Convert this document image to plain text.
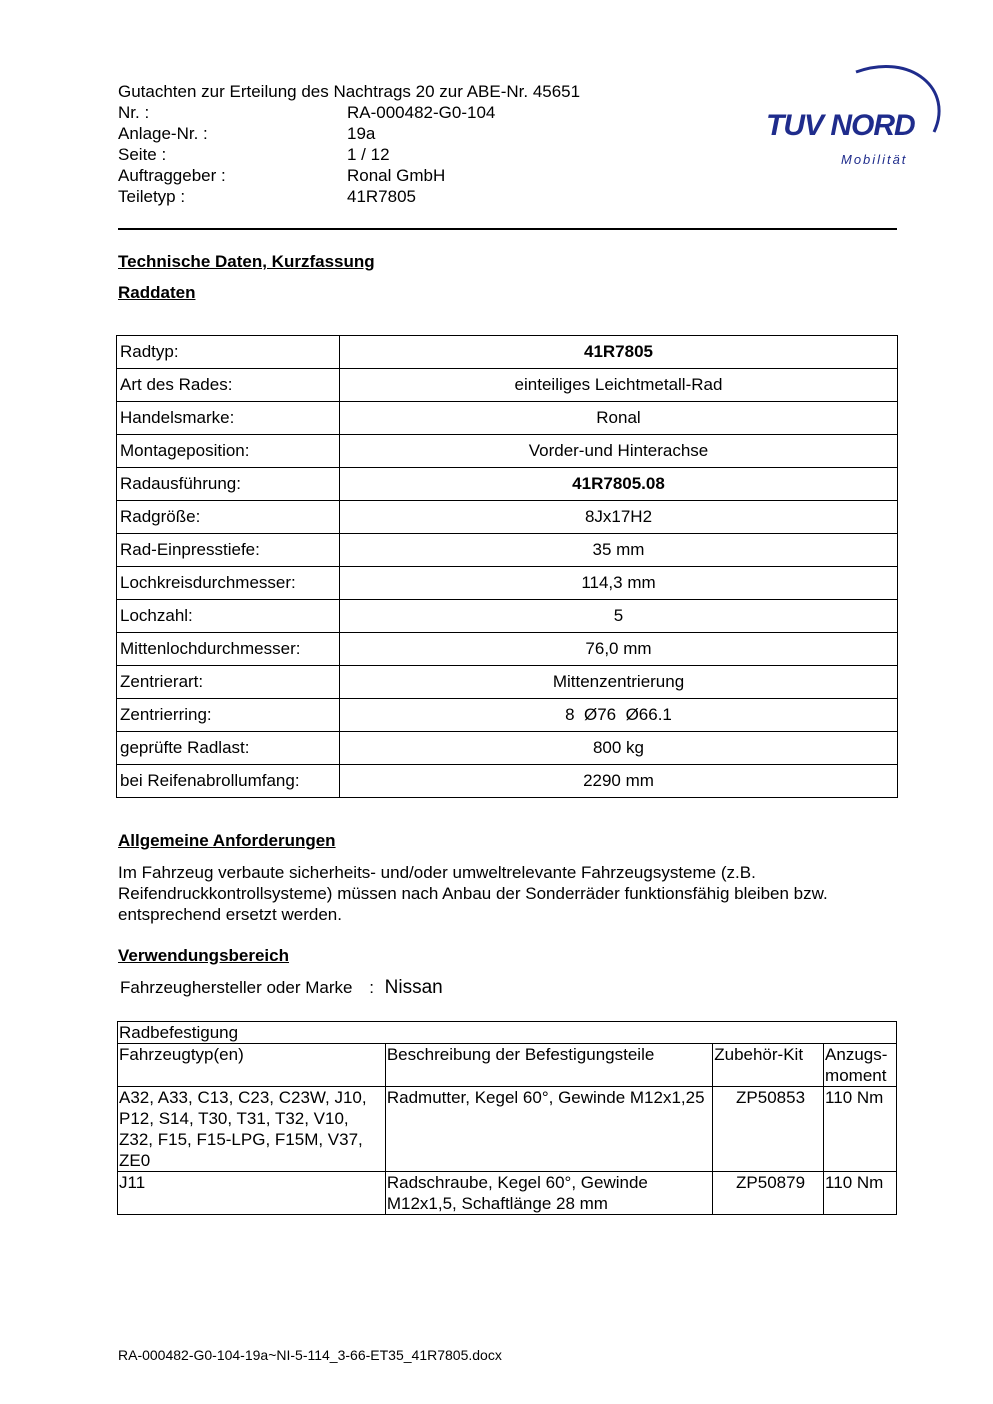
Gutachten zur Erteilung des Nachtrags 20 zur ABE-Nr. 45651
Nr. :	RA-000482-G0-104
Anlage-Nr. :	19a
Seite :	1 / 12
Auftraggeber :	Ronal GmbH
Teiletyp :	41R7805
TUV NORD
Mobilität
Technische Daten, Kurzfassung
Raddaten
Radtyp:	41R7805
Art des Rades:	einteiliges Leichtmetall-Rad
Handelsmarke:	Ronal
Montageposition:	Vorder-und Hinterachse
Radausführung:	41R7805.08
Radgröße:	8Jx17H2
Rad-Einpresstiefe:	35 mm
Lochkreisdurchmesser:	114,3 mm
Lochzahl:	5
Mittenlochdurchmesser:	76,0 mm
Zentrierart:	Mittenzentrierung
Zentrierring:	8  Ø76  Ø66.1
geprüfte Radlast:	800 kg
bei Reifenabrollumfang:	2290 mm
Allgemeine Anforderungen
Im Fahrzeug verbaute sicherheits- und/oder umweltrelevante Fahrzeugsysteme (z.B. Reifendruckkontrollsysteme) müssen nach Anbau der Sonderräder funktionsfähig bleiben bzw. entsprechend ersetzt werden.
Verwendungsbereich
Fahrzeughersteller oder Marke : Nissan
Radbefestigung			
Fahrzeugtyp(en)	Beschreibung der Befestigungsteile	Zubehör-Kit	Anzugs-moment
A32, A33, C13, C23, C23W, J10, P12, S14, T30, T31, T32, V10, Z32, F15, F15-LPG, F15M, V37, ZE0	Radmutter, Kegel 60°, Gewinde M12x1,25	ZP50853	110 Nm
J11	Radschraube, Kegel 60°, Gewinde M12x1,5, Schaftlänge 28 mm	ZP50879	110 Nm
RA-000482-G0-104-19a~NI-5-114_3-66-ET35_41R7805.docx
